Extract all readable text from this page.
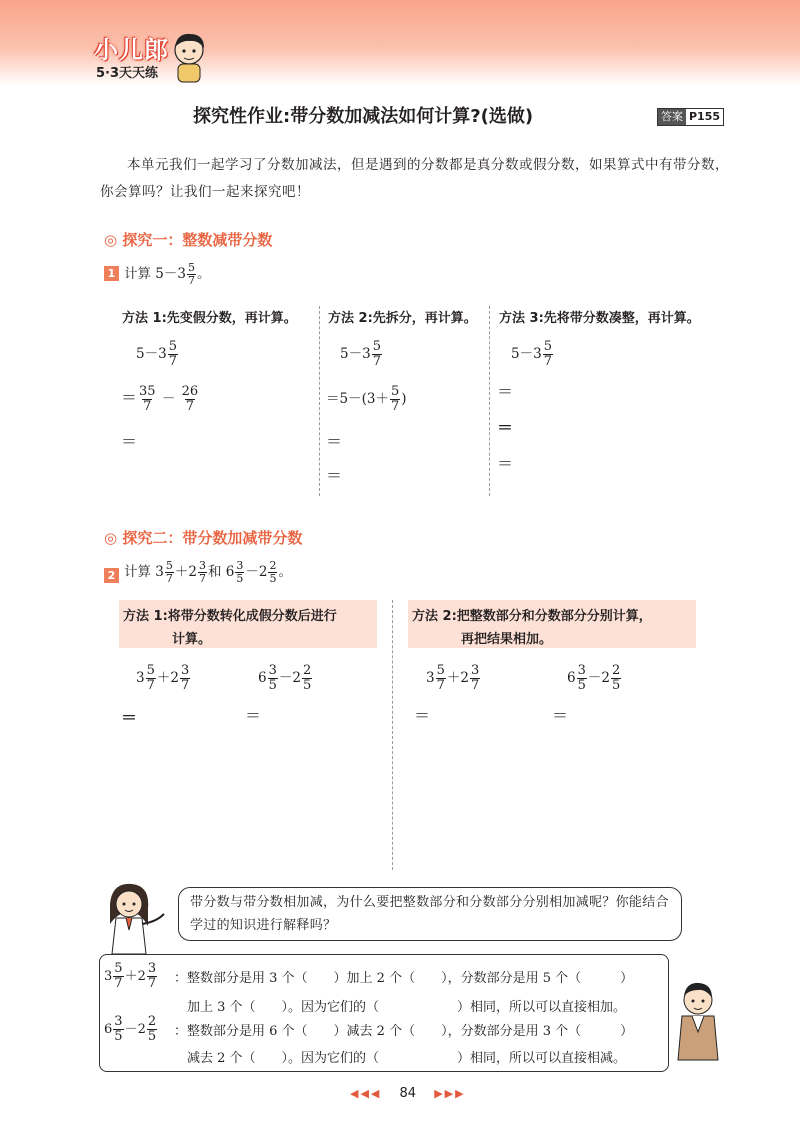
小儿郎
5·3天天练
探究性作业:带分数加减法如何计算?(选做)	答案 P155
本单元我们一起学习了分数加减法，但是遇到的分数都是真分数或假分数，如果算式中有带分数，你会算吗？让我们一起来探究吧！
◎ 探究一：整数减带分数
1 计算 $5-3 \frac{5}{7}$ 。
方法 1:先变假分数，再计算。 方法 2:先拆分，再计算。 方法 3:先将带分数凑整，再计算。
$5-3 \frac{5}{7}$
＝ $\frac{35}{7} - \frac{26}{7}$
＝
$5-3 \frac{5}{7}$
$=5-(3+ \frac{5}{7}$ )
＝
＝
$5-3 \frac{5}{7}$
＝
＝
＝
◎ 探究二：带分数加减带分数
2 计算 $3 \frac{5}{7} +2 \frac{3}{7}$ 和 $6 \frac{3}{5} -2 \frac{2}{5}$ 。
方法 1:将带分数转化成假分数后进行
计算。
方法 2:把整数部分和分数部分分别计算，
再把结果相加。
$3 \frac{5}{7} +2 \frac{3}{7}$	$6 \frac{3}{5} -2 \frac{2}{5}$
＝	＝
$3 \frac{5}{7} +2 \frac{3}{7}$	$6 \frac{3}{5} -2 \frac{2}{5}$
＝	＝
带分数与带分数相加减，为什么要把整数部分和分数部分分别相加减呢？你能结合学过的知识进行解释吗？
$3 \frac{5}{7} +2 \frac{3}{7}$ ：整数部分是用 3 个（　　）加上 2 个（　　），分数部分是用 5 个（　　　）
加上 3 个（　　）。因为它们的（　　　　　　）相同，所以可以直接相加。
$6 \frac{3}{5} -2 \frac{2}{5}$ ：整数部分是用 6 个（　　）减去 2 个（　　），分数部分是用 3 个（　　　）
减去 2 个（　　）。因为它们的（　　　　　　）相同，所以可以直接相减。
◀◀◀ 84 ▶▶▶
